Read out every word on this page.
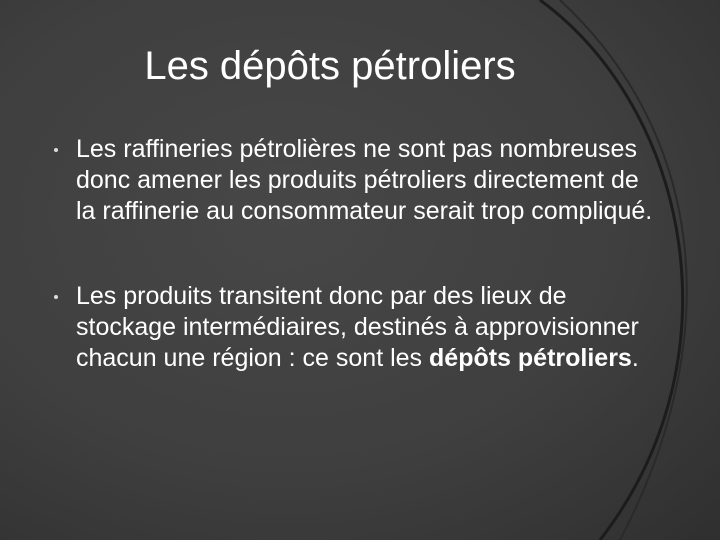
Les dépôts pétroliers
Les raffineries pétrolières ne sont pas nombreuses donc amener les produits pétroliers directement de la raffinerie au consommateur serait trop compliqué.
Les produits transitent donc par des lieux de stockage intermédiaires, destinés à approvisionner chacun une région : ce sont les dépôts pétroliers.
